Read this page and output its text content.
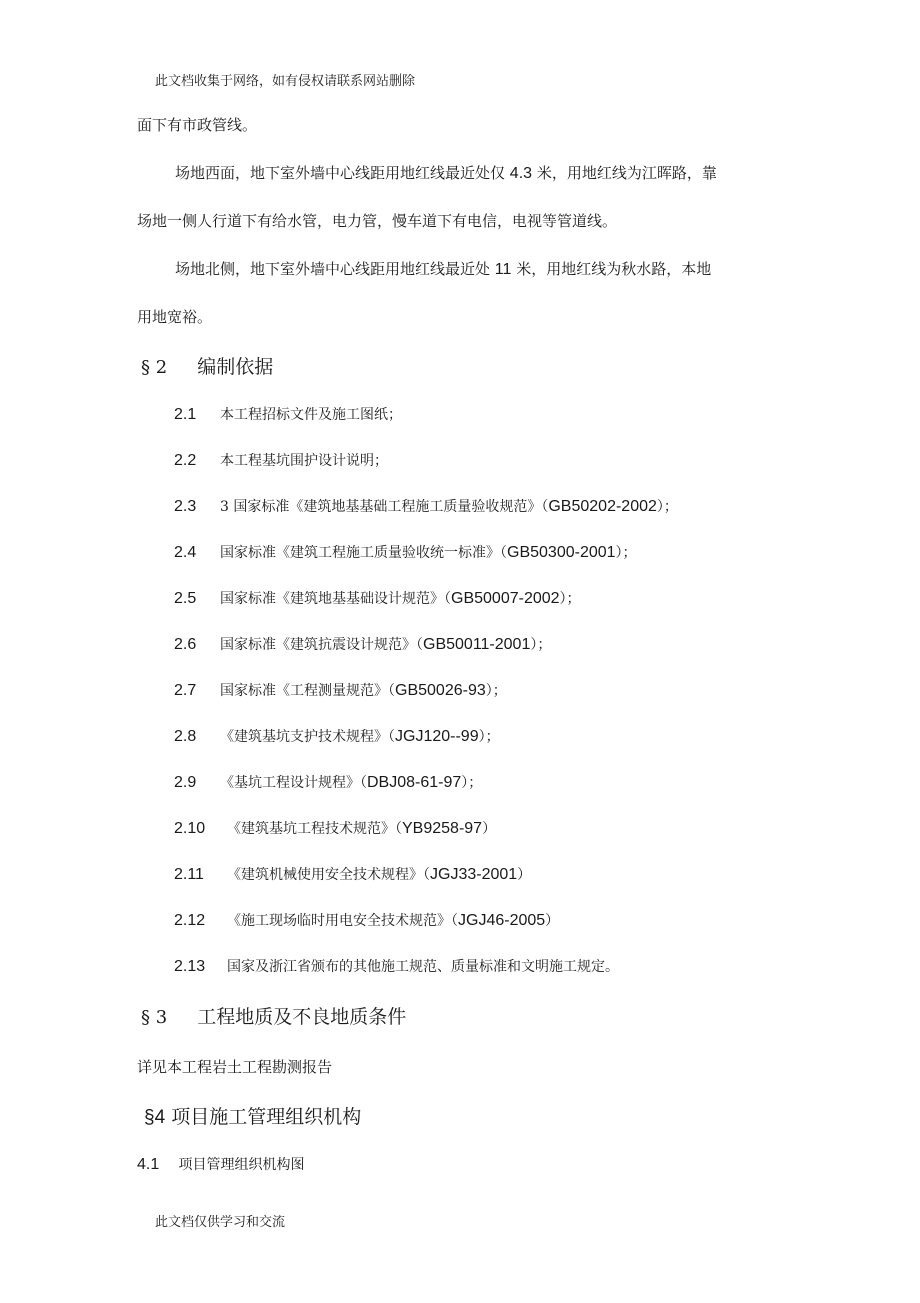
此文档收集于网络，如有侵权请联系网站删除
面下有市政管线。
场地西面，地下室外墙中心线距用地红线最近处仅 4.3 米，用地红线为江晖路，靠
场地一侧人行道下有给水管，电力管，慢车道下有电信，电视等管道线。
场地北侧，地下室外墙中心线距用地红线最近处 11 米，用地红线为秋水路，本地
用地宽裕。
§ 2 编制依据
2.1 本工程招标文件及施工图纸；
2.2 本工程基坑围护设计说明；
2.3 3 国家标准《建筑地基基础工程施工质量验收规范》（GB50202-2002）；
2.4 国家标准《建筑工程施工质量验收统一标准》（GB50300-2001）；
2.5 国家标准《建筑地基基础设计规范》（GB50007-2002）；
2.6 国家标准《建筑抗震设计规范》（GB50011-2001）；
2.7 国家标准《工程测量规范》（GB50026-93）；
2.8 《建筑基坑支护技术规程》（JGJ120--99）；
2.9 《基坑工程设计规程》（DBJ08-61-97）；
2.10 《建筑基坑工程技术规范》（YB9258-97）
2.11 《建筑机械使用安全技术规程》（JGJ33-2001）
2.12 《施工现场临时用电安全技术规范》（JGJ46-2005）
2.13 国家及浙江省颁布的其他施工规范、质量标准和文明施工规定。
§ 3 工程地质及不良地质条件
详见本工程岩土工程勘测报告
§4 项目施工管理组织机构
4.1 项目管理组织机构图
此文档仅供学习和交流
